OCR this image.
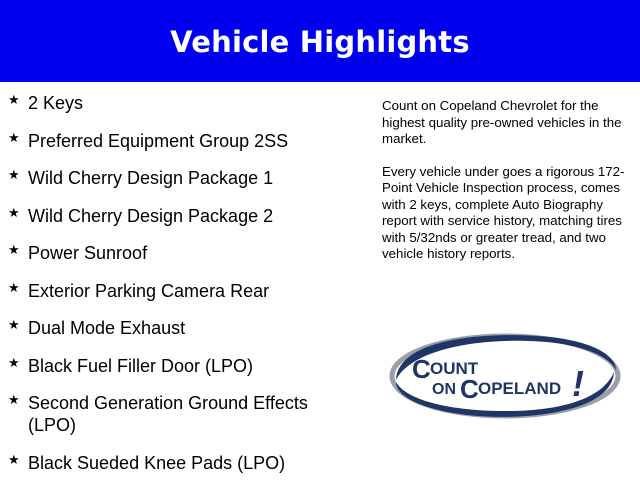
Vehicle Highlights
★ 2 Keys
★ Preferred Equipment Group 2SS
★ Wild Cherry Design Package 1
★ Wild Cherry Design Package 2
★ Power Sunroof
★ Exterior Parking Camera Rear
★ Dual Mode Exhaust
★ Black Fuel Filler Door (LPO)
★ Second Generation Ground Effects (LPO)
★ Black Sueded Knee Pads (LPO)

Count on Copeland Chevrolet for the highest quality pre-owned vehicles in the market.

Every vehicle under goes a rigorous 172-Point Vehicle Inspection process, comes with 2 keys, complete Auto Biography report with service history, matching tires with 5/32nds or greater tread, and two vehicle history reports.

C OUNT
ON C OPELAND !
